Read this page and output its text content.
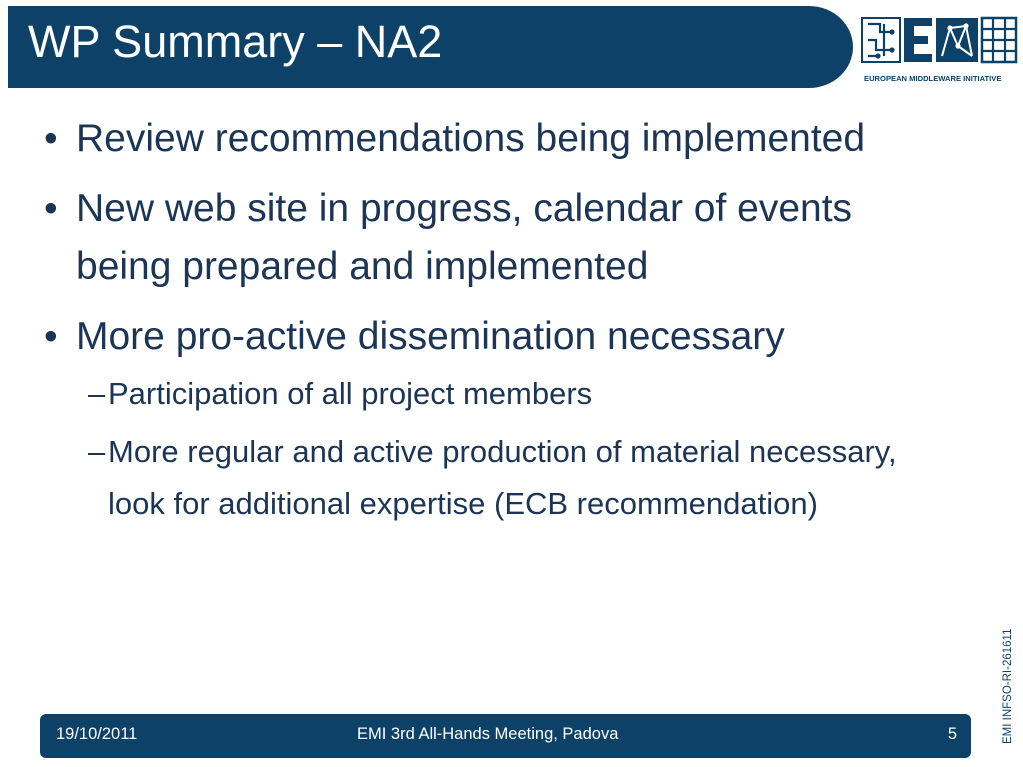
WP Summary – NA2
EUROPEAN MIDDLEWARE INITIATIVE
• Review recommendations being implemented
• New web site in progress, calendar of events being prepared and implemented
• More pro-active dissemination necessary
– Participation of all project members
– More regular and active production of material necessary, look for additional expertise (ECB recommendation)
EMI INFSO-RI-261611
19/10/2011	EMI 3rd All-Hands Meeting, Padova	5
